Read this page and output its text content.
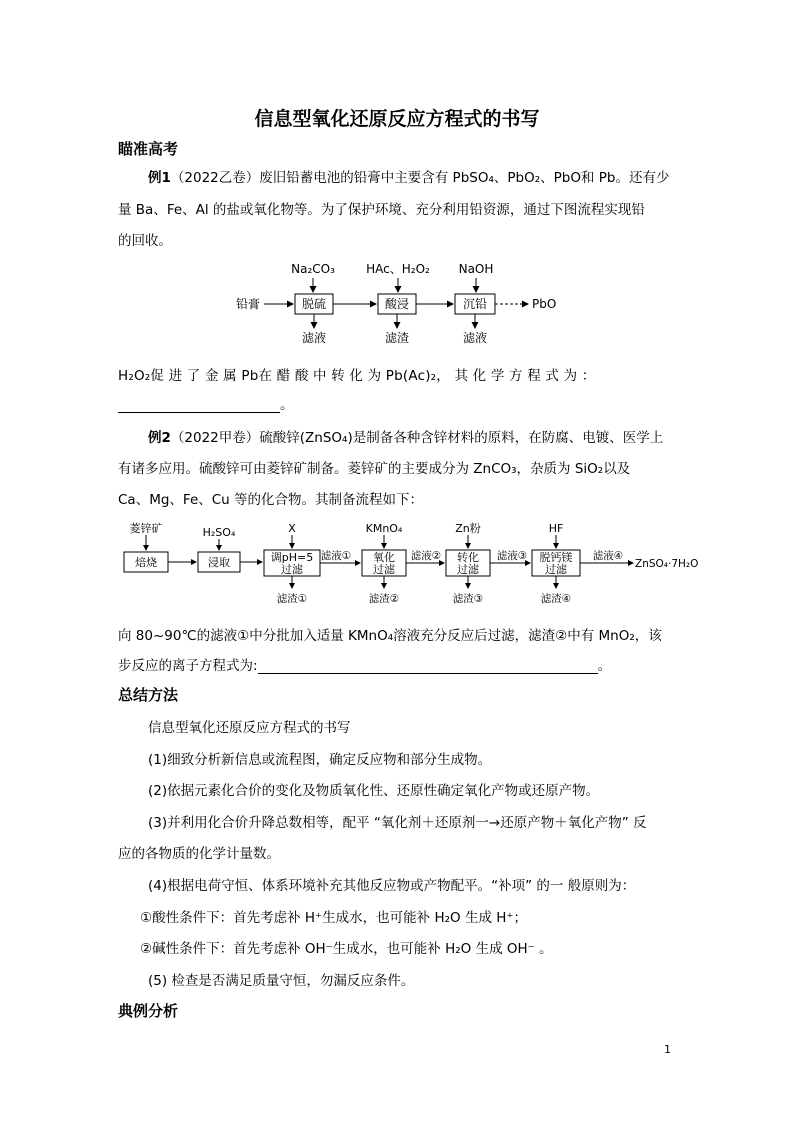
信息型氧化还原反应方程式的书写
瞄准高考
例1（2022乙卷）废旧铅蓄电池的铅膏中主要含有 PbSO₄、PbO₂、PbO和 Pb。还有少
量 Ba、Fe、Al 的盐或氧化物等。为了保护环境、充分利用铅资源，通过下图流程实现铅
的回收。
Na₂CO₃	HAc、H₂O₂ NaOH
铅膏	脱硫	酸浸	沉铅	PbO
滤液	滤渣	滤液
H₂O₂促 进 了 金 属 Pb在 醋 酸 中 转 化 为 Pb(Ac)₂， 其 化 学 方 程 式 为 ：
。
例2（2022甲卷）硫酸锌(ZnSO₄)是制备各种含锌材料的原料，在防腐、电镀、医学上
有诸多应用。硫酸锌可由菱锌矿制备。菱锌矿的主要成分为 ZnCO₃，杂质为 SiO₂以及
Ca、Mg、Fe、Cu 等的化合物。其制备流程如下：
菱锌矿	H₂SO₄	X	KMnO₄	Zn粉	HF
焙烧	浸取	调pH=5
过滤
滤液① 氧化
过滤
滤液② 转化
过滤
滤液③ 脱钙镁
过滤
滤液④
ZnSO₄·7H₂O
滤渣①	滤渣②	滤渣③	滤渣④
向 80~90℃的滤液①中分批加入适量 KMnO₄溶液充分反应后过滤，滤渣②中有 MnO₂，该
步反应的离子方程式为:	。
总结方法
信息型氧化还原反应方程式的书写
(1)细致分析新信息或流程图，确定反应物和部分生成物。
(2)依据元素化合价的变化及物质氧化性、还原性确定氧化产物或还原产物。
(3)并利用化合价升降总数相等，配平 “氧化剂＋还原剂一→还原产物＋氧化产物” 反
应的各物质的化学计量数。
(4)根据电荷守恒、体系环境补充其他反应物或产物配平。“补项” 的一 般原则为：
①酸性条件下：首先考虑补 H⁺生成水，也可能补 H₂O 生成 H⁺；
②碱性条件下：首先考虑补 OH⁻生成水，也可能补 H₂O 生成 OH⁻ 。
(5) 检查是否满足质量守恒，勿漏反应条件。
典例分析
1
